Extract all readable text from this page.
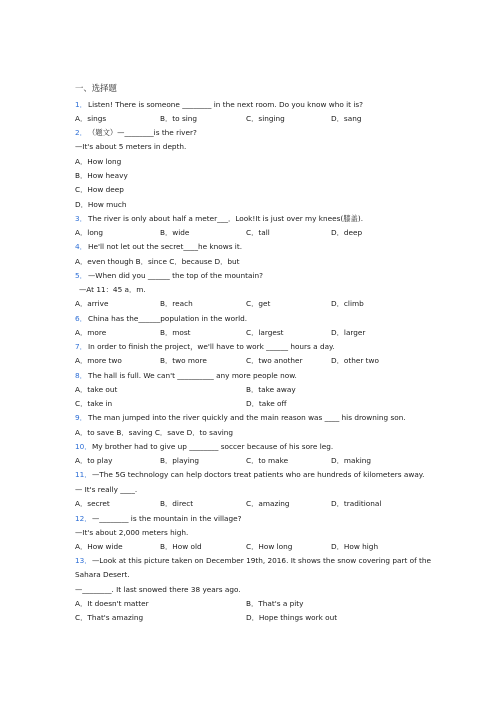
一、选择题
1． Listen! There is someone ________ in the next room. Do you know who it is?
A．sings	B．to sing	C．singing	D．sang
2． （题文）—________is the river?
—It's about 5 meters in depth.
A．How long
B．How heavy
C．How deep
D．How much
3． The river is only about half a meter___．Look!It is just over my knees(膝盖).
A．long	B．wide	C．tall	D．deep
4． He'll not let out the secret____he knows it.
A．even though B．since C．because D．but
5． —When did you ______ the top of the mountain?
—At 11：45 a．m.
A．arrive	B．reach	C．get	D．climb
6． China has the______population in the world.
A．more	B．most	C．largest	D．larger
7． In order to finish the project，we'll have to work ______ hours a day.
A．more two	B．two more	C．two another	D．other two
8． The hall is full. We can't __________ any more people now.
A．take out	B．take away
C．take in	D．take off
9． The man jumped into the river quickly and the main reason was ____ his drowning son.
A．to save B．saving C．save D．to saving
10． My brother had to give up ________ soccer because of his sore leg.
A．to play	B．playing	C．to make	D．making
11． —The 5G technology can help doctors treat patients who are hundreds of kilometers away.
— It's really ____.
A．secret	B．direct	C．amazing	D．traditional
12． —________ is the mountain in the village?
—It's about 2,000 meters high.
A．How wide	B．How old	C．How long	D．How high
13． —Look at this picture taken on December 19th, 2016. It shows the snow covering part of the
Sahara Desert.
—________. It last snowed there 38 years ago.
A．It doesn't matter	B．That's a pity
C．That's amazing	D．Hope things work out
